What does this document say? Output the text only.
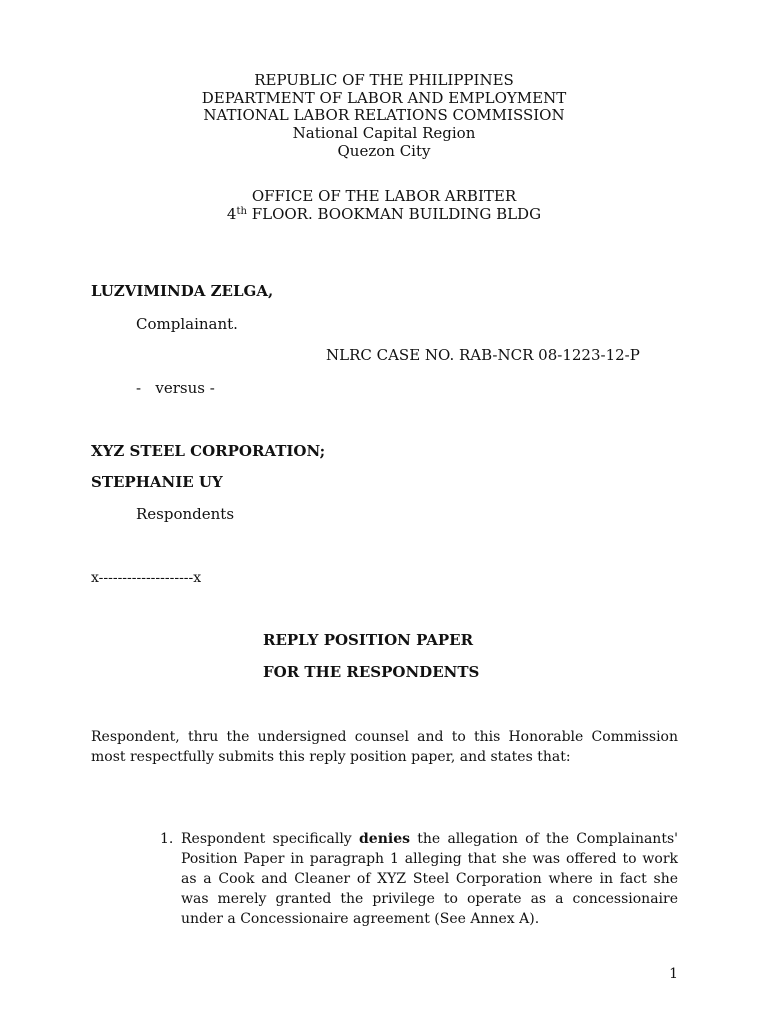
REPUBLIC OF THE PHILIPPINES
DEPARTMENT OF LABOR AND EMPLOYMENT
NATIONAL LABOR RELATIONS COMMISSION
National Capital Region
Quezon City
OFFICE OF THE LABOR ARBITER
4th FLOOR. BOOKMAN BUILDING BLDG
LUZVIMINDA ZELGA,
Complainant.
NLRC CASE NO. RAB-NCR 08-1223-12-P
-   versus -
XYZ STEEL CORPORATION;
STEPHANIE UY
Respondents
x--------------------x
REPLY POSITION PAPER
FOR THE RESPONDENTS
Respondent, thru the undersigned counsel and to this Honorable Commission most respectfully submits this reply position paper, and states that:
1. Respondent specifically denies the allegation of the Complainants' Position Paper in paragraph 1 alleging that she was offered to work as a Cook and Cleaner of XYZ Steel Corporation where in fact she was merely granted the privilege to operate as a concessionaire under a Concessionaire agreement (See Annex A).
1
